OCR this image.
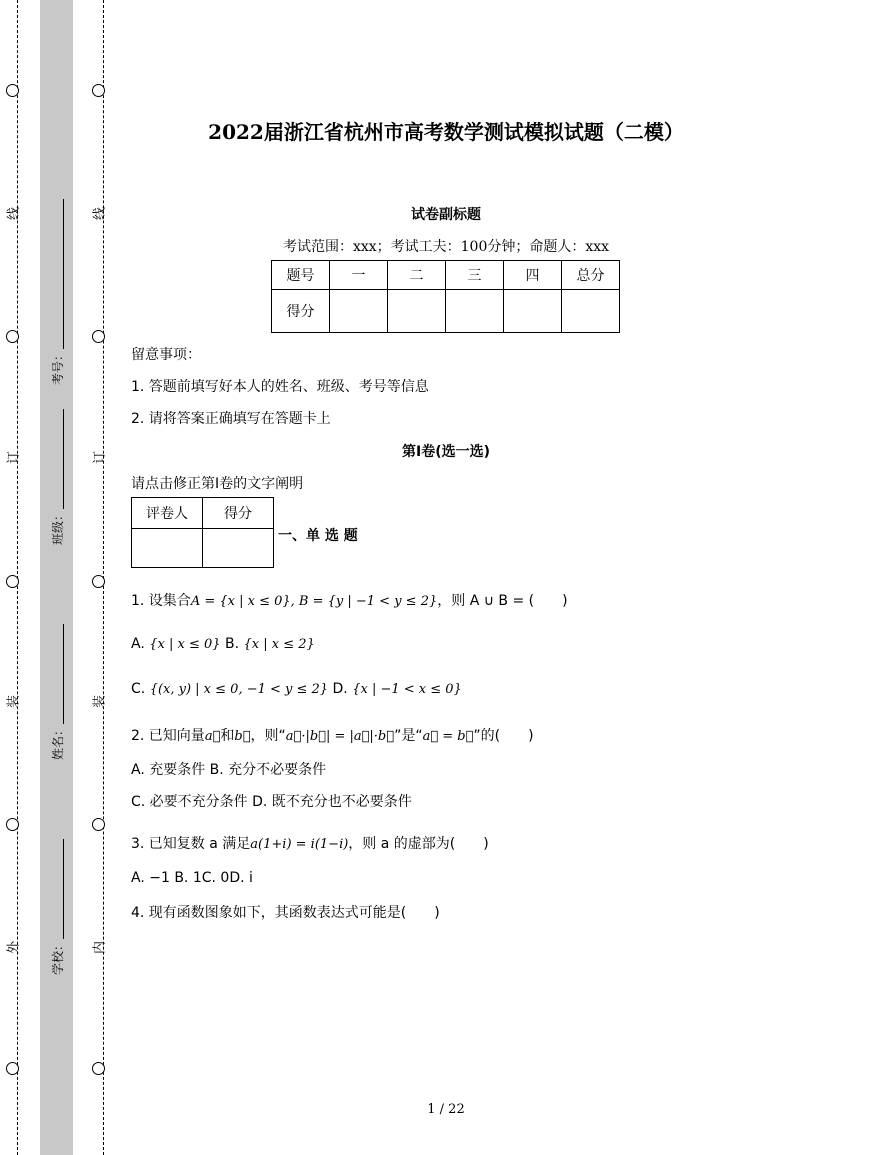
线
订
装
外
线
订
装
内
学校：
姓名：
班级：
考号：
2022届浙江省杭州市高考数学测试模拟试题（二模）
试卷副标题
考试范围：xxx；考试工夫：100分钟；命题人：xxx
题号	一	二	三	四	总分
得分					
留意事项：
1. 答题前填写好本人的姓名、班级、考号等信息
2. 请将答案正确填写在答题卡上
第I卷(选一选)
请点击修正第I卷的文字阐明
评卷人	得分

一、单 选 题
1. 设集合A = {x | x ≤ 0}, B = {y | −1 < y ≤ 2}，则 A ∪ B = (　　)
A. {x | x ≤ 0} B. {x | x ≤ 2}
C. {(x, y) | x ≤ 0, −1 < y ≤ 2} D. {x | −1 < x ≤ 0}
2. 已知向量a⃗和b⃗，则“a⃗·|b⃗| = |a⃗|·b⃗”是“a⃗ = b⃗”的(　　)
A. 充要条件 B. 充分不必要条件
C. 必要不充分条件 D. 既不充分也不必要条件
3. 已知复数 a 满足a(1+i) = i(1−i)，则 a 的虚部为(　　)
A. −1 B. 1C. 0D. i
4. 现有函数图象如下，其函数表达式可能是(　　)
1 / 22
